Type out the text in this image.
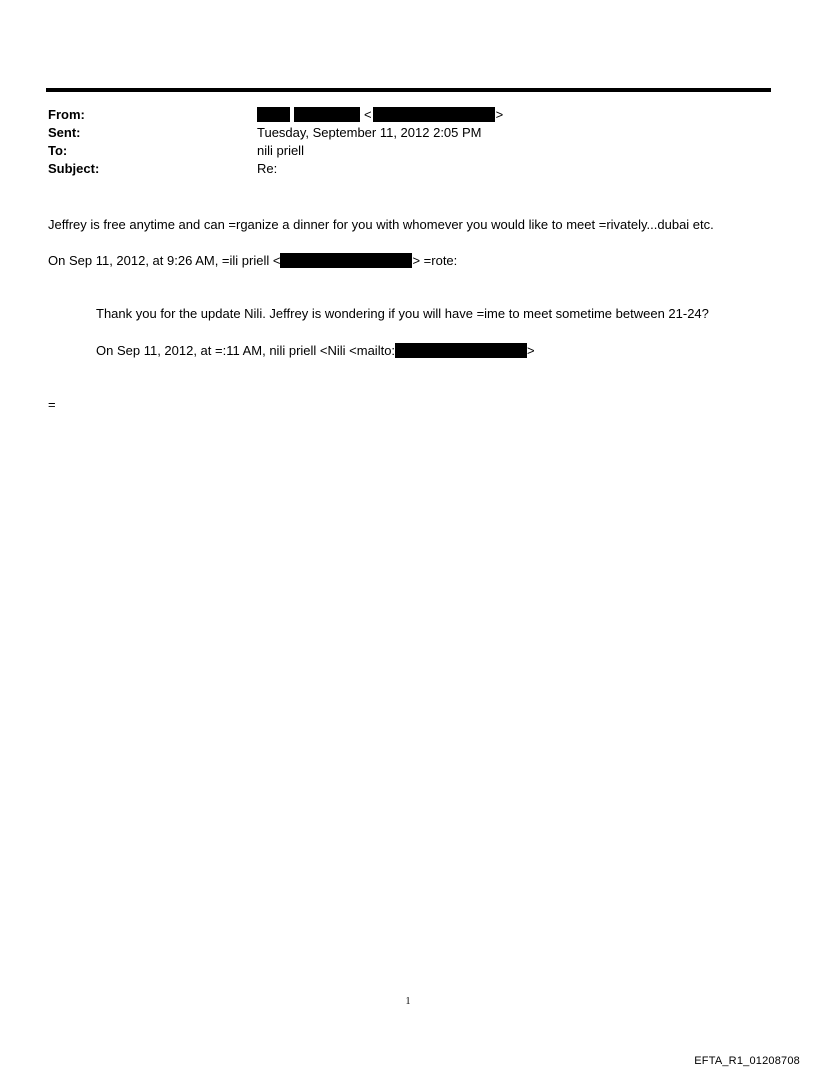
From:	<	>
Sent:	Tuesday, September 11, 2012 2:05 PM
To:	nili priell
Subject:	Re:
Jeffrey is free anytime and can =rganize a dinner for you with whomever you would like to meet =rivately...dubai etc.
On Sep 11, 2012, at 9:26 AM, =ili priell <	> =rote:
Thank you for the update Nili. Jeffrey is wondering if you will have =ime to meet sometime between 21-24?
On Sep 11, 2012, at =:11 AM, nili priell <Nili <mailto:	>
=
1
EFTA_R1_01208708
